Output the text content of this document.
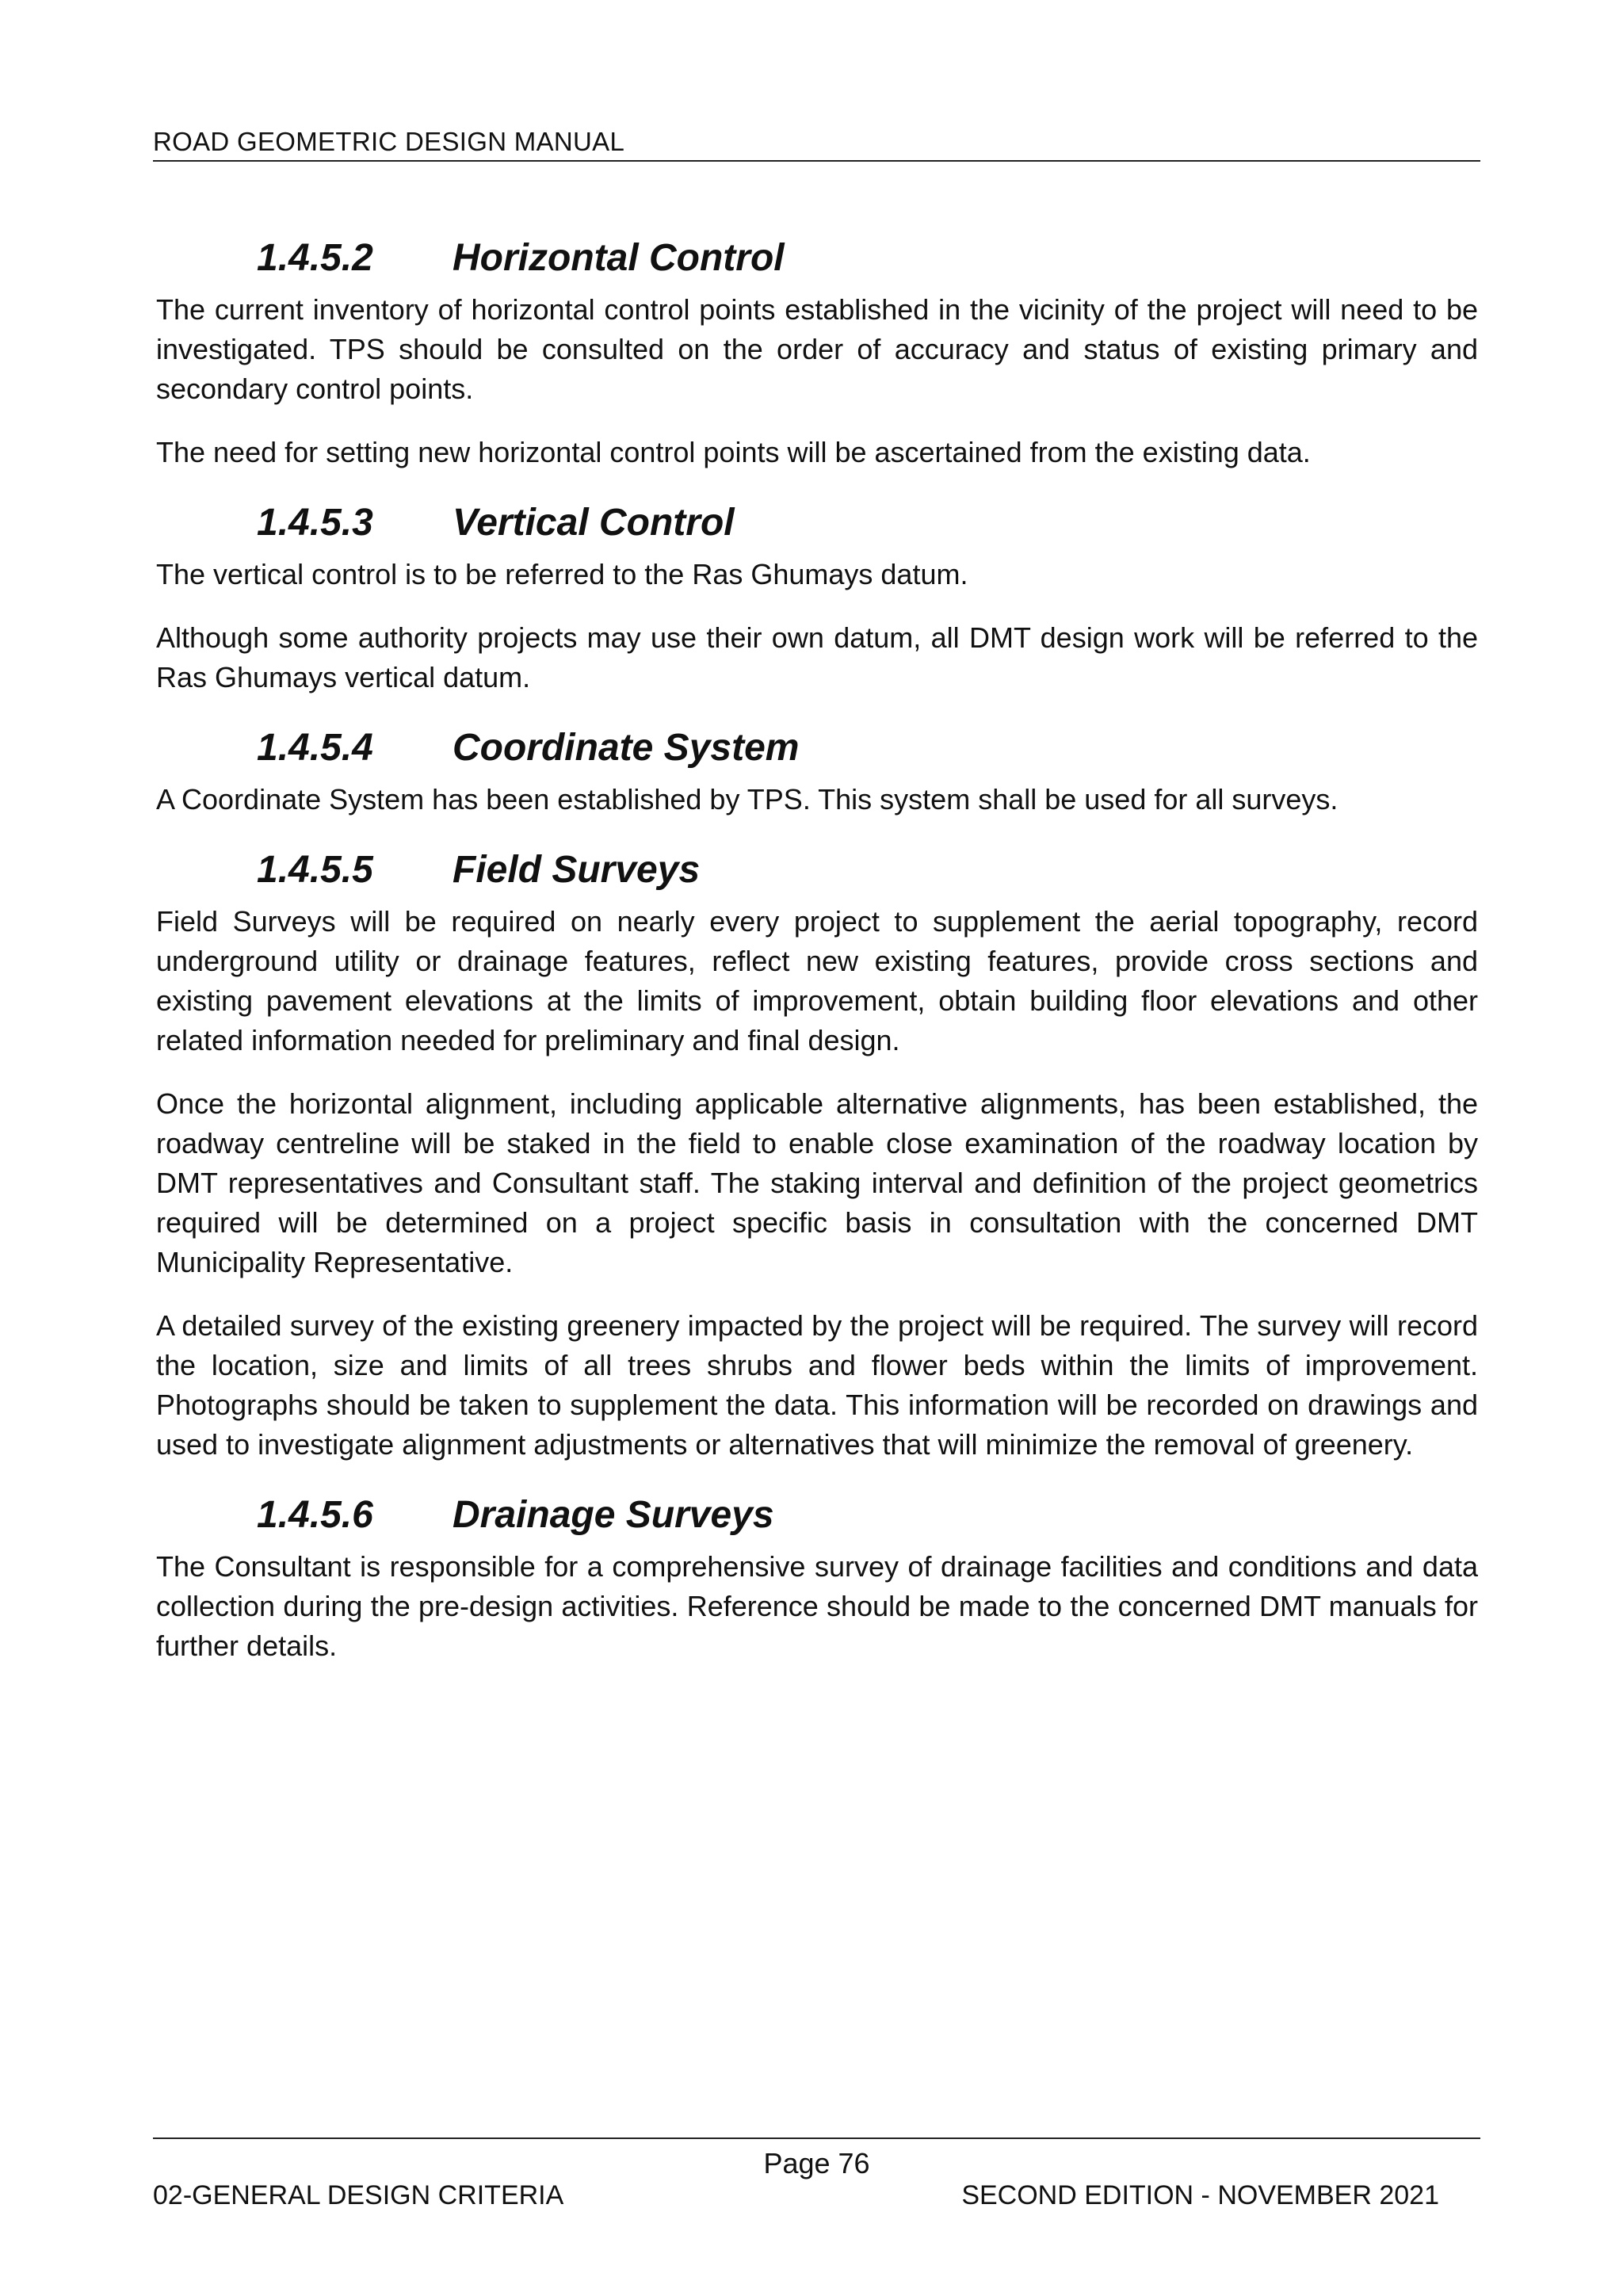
ROAD GEOMETRIC DESIGN MANUAL
1.4.5.2	Horizontal Control

The current inventory of horizontal control points established in the vicinity of the project will need to be investigated. TPS should be consulted on the order of accuracy and status of existing primary and secondary control points.

The need for setting new horizontal control points will be ascertained from the existing data.

1.4.5.3	Vertical Control

The vertical control is to be referred to the Ras Ghumays datum.

Although some authority projects may use their own datum, all DMT design work will be referred to the Ras Ghumays vertical datum.

1.4.5.4	Coordinate System

A Coordinate System has been established by TPS. This system shall be used for all surveys.

1.4.5.5	Field Surveys

Field Surveys will be required on nearly every project to supplement the aerial topography, record underground utility or drainage features, reflect new existing features, provide cross sections and existing pavement elevations at the limits of improvement, obtain building floor elevations and other related information needed for preliminary and final design.

Once the horizontal alignment, including applicable alternative alignments, has been established, the roadway centreline will be staked in the field to enable close examination of the roadway location by DMT representatives and Consultant staff. The staking interval and definition of the project geometrics required will be determined on a project specific basis in consultation with the concerned DMT Municipality Representative.

A detailed survey of the existing greenery impacted by the project will be required. The survey will record the location, size and limits of all trees shrubs and flower beds within the limits of improvement. Photographs should be taken to supplement the data. This information will be recorded on drawings and used to investigate alignment adjustments or alternatives that will minimize the removal of greenery.

1.4.5.6	Drainage Surveys

The Consultant is responsible for a comprehensive survey of drainage facilities and conditions and data collection during the pre-design activities. Reference should be made to the concerned DMT manuals for further details.

Page 76
02-GENERAL DESIGN CRITERIA	SECOND EDITION - NOVEMBER 2021
